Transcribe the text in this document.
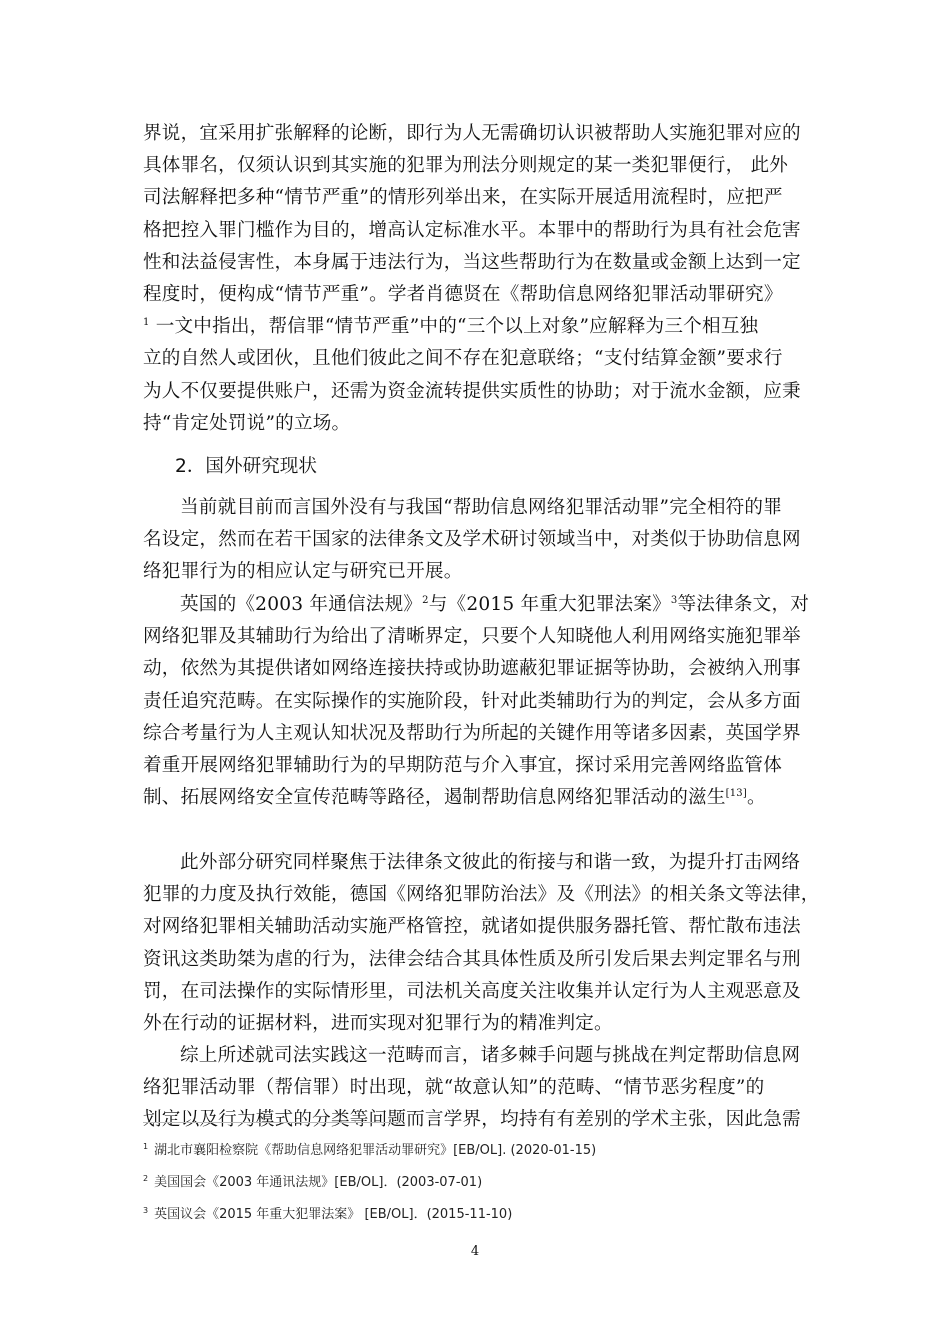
界说，宜采用扩张解释的论断，即行为人无需确切认识被帮助人实施犯罪对应的
具体罪名，仅须认识到其实施的犯罪为刑法分则规定的某一类犯罪便行， 此外
司法解释把多种“情节严重”的情形列举出来，在实际开展适用流程时，应把严
格把控入罪门槛作为目的，增高认定标准水平。本罪中的帮助行为具有社会危害
性和法益侵害性，本身属于违法行为，当这些帮助行为在数量或金额上达到一定
程度时，便构成“情节严重”。学者肖德贤在《帮助信息网络犯罪活动罪研究》
$^1$ 一文中指出，帮信罪“情节严重”中的“三个以上对象”应解释为三个相互独
立的自然人或团伙，且他们彼此之间不存在犯意联络；“支付结算金额”要求行
为人不仅要提供账户，还需为资金流转提供实质性的协助；对于流水金额，应秉
持“肯定处罚说”的立场。
2．国外研究现状
当前就目前而言国外没有与我国“帮助信息网络犯罪活动罪”完全相符的罪
名设定，然而在若干国家的法律条文及学术研讨领域当中，对类似于协助信息网
络犯罪行为的相应认定与研究已开展。
英国的《2003 年通信法规》$^2$与《2015 年重大犯罪法案》$^3$等法律条文，对
网络犯罪及其辅助行为给出了清晰界定，只要个人知晓他人利用网络实施犯罪举
动，依然为其提供诸如网络连接扶持或协助遮蔽犯罪证据等协助，会被纳入刑事
责任追究范畴。在实际操作的实施阶段，针对此类辅助行为的判定，会从多方面
综合考量行为人主观认知状况及帮助行为所起的关键作用等诸多因素，英国学界
着重开展网络犯罪辅助行为的早期防范与介入事宜，探讨采用完善网络监管体
制、拓展网络安全宣传范畴等路径，遏制帮助信息网络犯罪活动的滋生[13]。
此外部分研究同样聚焦于法律条文彼此的衔接与和谐一致，为提升打击网络
犯罪的力度及执行效能，德国《网络犯罪防治法》及《刑法》的相关条文等法律，
对网络犯罪相关辅助活动实施严格管控，就诸如提供服务器托管、帮忙散布违法
资讯这类助桀为虐的行为，法律会结合其具体性质及所引发后果去判定罪名与刑
罚，在司法操作的实际情形里，司法机关高度关注收集并认定行为人主观恶意及
外在行动的证据材料，进而实现对犯罪行为的精准判定。
综上所述就司法实践这一范畴而言，诸多棘手问题与挑战在判定帮助信息网
络犯罪活动罪（帮信罪）时出现，就“故意认知”的范畴、“情节恶劣程度”的
划定以及行为模式的分类等问题而言学界，均持有有差别的学术主张，因此急需
$^1$ 湖北市襄阳检察院《帮助信息网络犯罪活动罪研究》[EB/OL]. (2020-01-15)
$^2$ 美国国会《2003 年通讯法规》[EB/OL]．(2003-07-01)
$^3$ 英国议会《2015 年重大犯罪法案》 [EB/OL]．(2015-11-10)
4
